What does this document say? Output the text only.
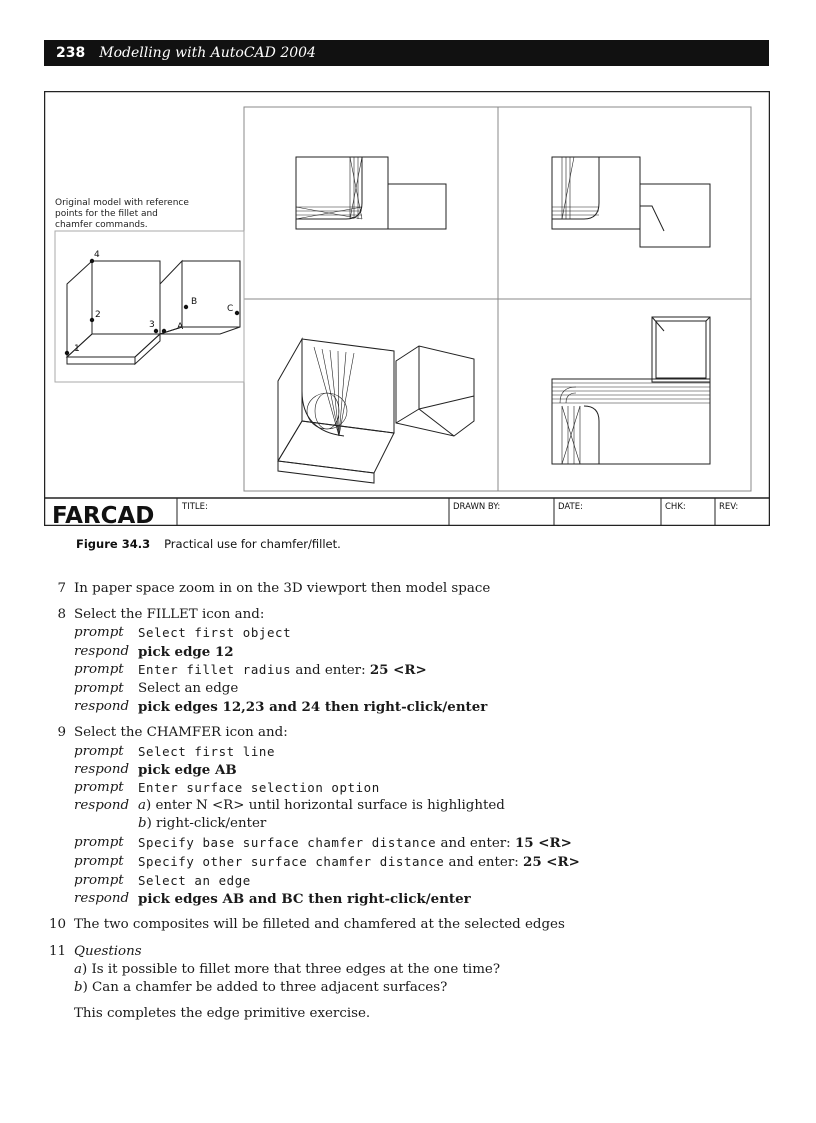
238 Modelling with AutoCAD 2004
Original model with reference
points for the fillet and
chamfer commands.
1
2
3
4
A
B
C
FARCAD	TITLE:	DRAWN BY:	DATE:	CHK:	REV:
Figure 34.3 Practical use for chamfer/fillet.
7 In paper space zoom in on the 3D viewport then model space
8 Select the FILLET icon and:
prompt	Select first object
respond pick edge 12
prompt	Enter fillet radius and enter: 25 <R>
prompt	Select an edge
respond pick edges 12,23 and 24 then right-click/enter
9 Select the CHAMFER icon and:
prompt	Select first line
respond pick edge AB
prompt	Enter surface selection option
respond a) enter N <R> until horizontal surface is highlighted
b) right-click/enter
prompt	Specify base surface chamfer distance and enter: 15 <R>
prompt	Specify other surface chamfer distance and enter: 25 <R>
prompt	Select an edge
respond pick edges AB and BC then right-click/enter
10 The two composites will be filleted and chamfered at the selected edges
11 Questions
a) Is it possible to fillet more that three edges at the one time?
b) Can a chamfer be added to three adjacent surfaces?
This completes the edge primitive exercise.
